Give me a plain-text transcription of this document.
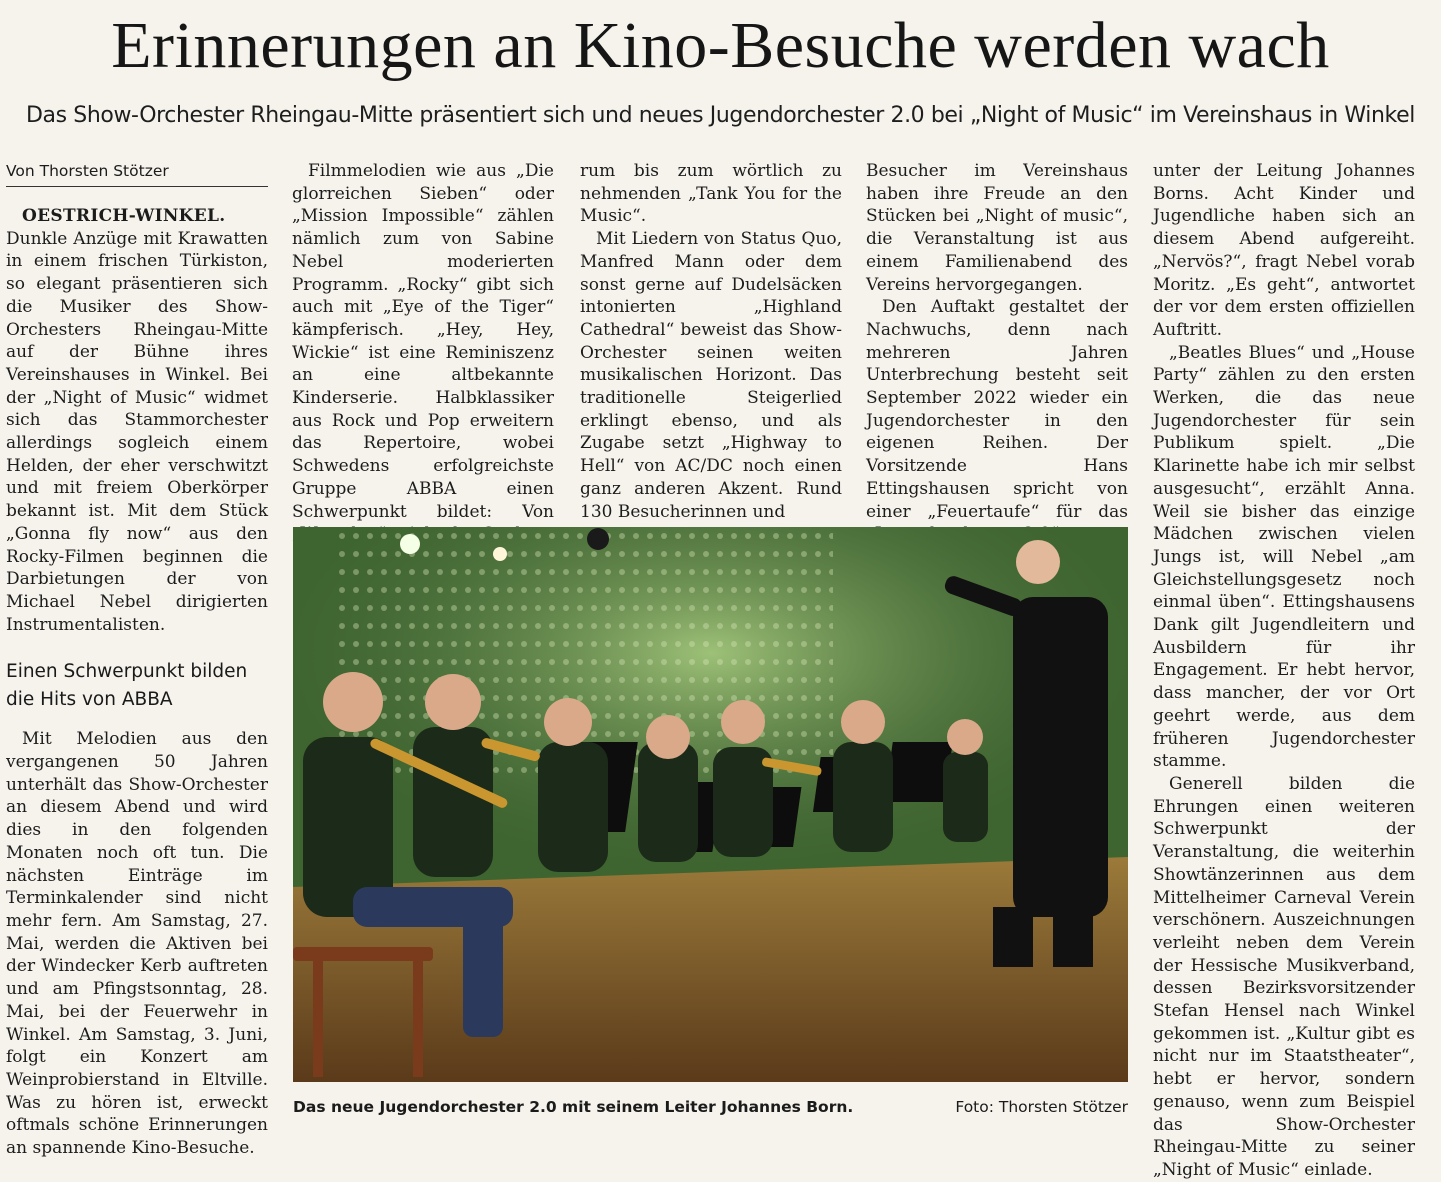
Erinnerungen an Kino-Besuche werden wach
Das Show-Orchester Rheingau-Mitte präsentiert sich und neues Jugendorchester 2.0 bei „Night of Music“ im Vereinshaus in Winkel
Von Thorsten Stötzer

OESTRICH-WINKEL. Dunkle Anzüge mit Krawatten in einem frischen Türkiston, so elegant präsentieren sich die Musiker des Show-Orchesters Rheingau-Mitte auf der Bühne ihres Vereinshauses in Winkel. Bei der „Night of Music“ widmet sich das Stammorchester allerdings sogleich einem Helden, der eher verschwitzt und mit freiem Oberkörper bekannt ist. Mit dem Stück „Gonna fly now“ aus den Rocky-Filmen beginnen die Darbietungen der von Michael Nebel dirigierten Instrumentalisten.

Einen Schwerpunkt bilden die Hits von ABBA

Mit Melodien aus den vergangenen 50 Jahren unterhält das Show-Orchester an diesem Abend und wird dies in den folgenden Monaten noch oft tun. Die nächsten Einträge im Terminkalender sind nicht mehr fern. Am Samstag, 27. Mai, werden die Aktiven bei der Windecker Kerb auftreten und am Pfingstsonntag, 28. Mai, bei der Feuerwehr in Winkel. Am Samstag, 3. Juni, folgt ein Konzert am Weinprobierstand in Eltville. Was zu hören ist, erweckt oftmals schöne Erinnerungen an spannende Kino-Besuche.

Filmmelodien wie aus „Die glorreichen Sieben“ oder „Mission Impossible“ zählen nämlich zum von Sabine Nebel moderierten Programm. „Rocky“ gibt sich auch mit „Eye of the Tiger“ kämpferisch. „Hey, Hey, Wickie“ ist eine Reminiszenz an eine altbekannte Kinderserie. Halbklassiker aus Rock und Pop erweitern das Repertoire, wobei Schwedens erfolgreichste Gruppe ABBA einen Schwerpunkt bildet: Von

rum bis zum wörtlich zu nehmenden „Tank You for the Music“.

Mit Liedern von Status Quo, Manfred Mann oder dem sonst gerne auf Dudelsäcken intonierten „Highland Cathedral“ beweist das Show-Orchester seinen weiten musikalischen Horizont. Das traditionelle Steigerlied erklingt ebenso, und als Zugabe setzt „Highway to Hell“ von AC/DC noch einen ganz anderen Akzent. Rund 130 Besucherinnen und

Besucher im Vereinshaus haben ihre Freude an den Stücken bei „Night of music“, die Veranstaltung ist aus einem Familienabend des Vereins hervorgegangen.

Den Auftakt gestaltet der Nachwuchs, denn nach mehreren Jahren Unterbrechung besteht seit September 2022 wieder ein Jugendorchester in den eigenen Reihen. Der Vorsitzende Hans Ettingshausen spricht von einer „Feuertaufe“ für das

unter der Leitung Johannes Borns. Acht Kinder und Jugendliche haben sich an diesem Abend aufgereiht. „Nervös?“, fragt Nebel vorab Moritz. „Es geht“, antwortet der vor dem ersten offiziellen Auftritt.

„Beatles Blues“ und „House Party“ zählen zu den ersten Werken, die das neue Jugendorchester für sein Publikum spielt. „Die Klarinette habe ich mir selbst ausgesucht“, erzählt Anna. Weil sie bisher das einzige Mädchen zwischen vielen Jungs ist, will Nebel „am Gleichstellungsgesetz noch einmal üben“. Ettingshausens Dank gilt Jugendleitern und Ausbildern für ihr Engagement. Er hebt hervor, dass mancher, der vor Ort geehrt werde, aus dem früheren Jugendorchester stamme.

Generell bilden die Ehrungen einen weiteren Schwerpunkt der Veranstaltung, die weiterhin Showtänzerinnen aus dem Mittelheimer Carneval Verein verschönern. Auszeichnungen verleiht neben dem Verein der Hessische Musikverband, dessen Bezirksvorsitzender Stefan Hensel nach Winkel gekommen ist. „Kultur gibt es nicht nur im Staatstheater“, hebt er hervor, sondern genauso, wenn zum Beispiel das Show-Orchester Rheingau-Mitte zu seiner „Night of Music“ einlade.

Das neue Jugendorchester 2.0 mit seinem Leiter Johannes Born.	Foto: Thorsten Stötzer
